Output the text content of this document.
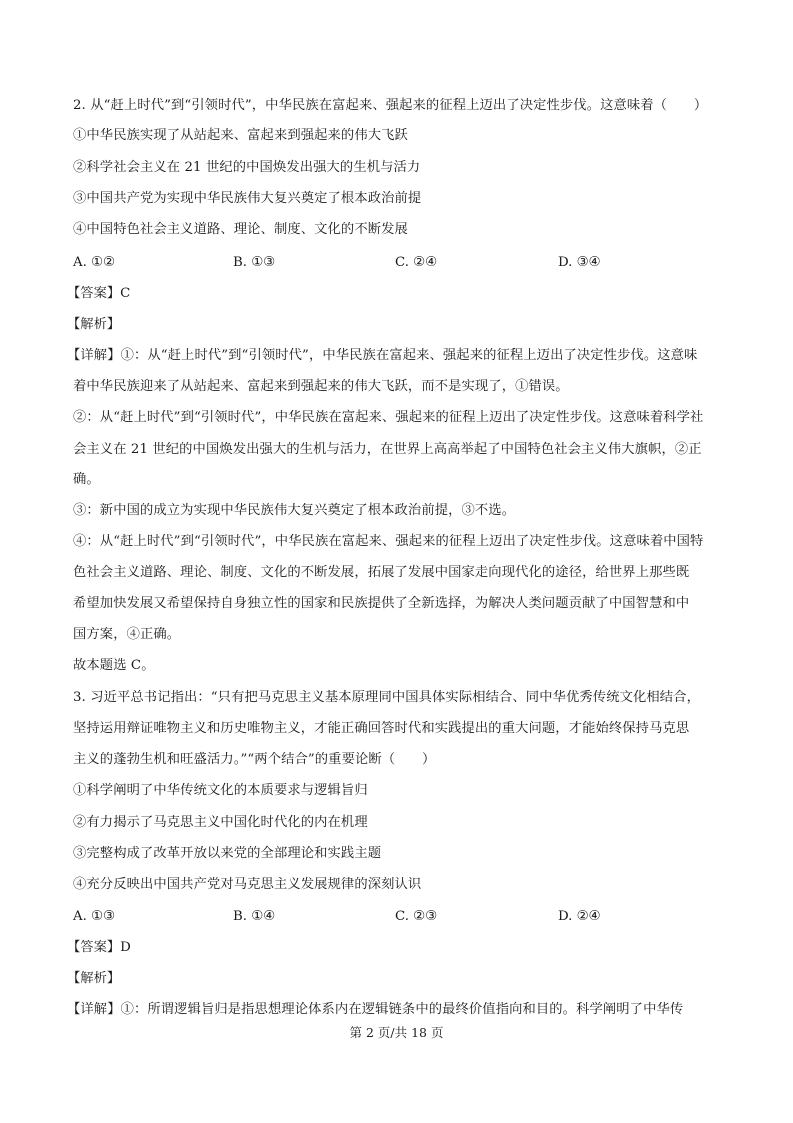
2. 从“赶上时代”到“引领时代”，中华民族在富起来、强起来的征程上迈出了决定性步伐。这意味着（　　）
①中华民族实现了从站起来、富起来到强起来的伟大飞跃
②科学社会主义在 21 世纪的中国焕发出强大的生机与活力
③中国共产党为实现中华民族伟大复兴奠定了根本政治前提
④中国特色社会主义道路、理论、制度、文化的不断发展
A. ①②	B. ①③	C. ②④	D. ③④
【答案】C
【解析】
【详解】①：从“赶上时代”到“引领时代”，中华民族在富起来、强起来的征程上迈出了决定性步伐。这意味
着中华民族迎来了从站起来、富起来到强起来的伟大飞跃，而不是实现了，①错误。
②：从“赶上时代”到“引领时代”，中华民族在富起来、强起来的征程上迈出了决定性步伐。这意味着科学社
会主义在 21 世纪的中国焕发出强大的生机与活力，在世界上高高举起了中国特色社会主义伟大旗帜，②正
确。
③：新中国的成立为实现中华民族伟大复兴奠定了根本政治前提，③不选。
④：从“赶上时代”到“引领时代”，中华民族在富起来、强起来的征程上迈出了决定性步伐。这意味着中国特
色社会主义道路、理论、制度、文化的不断发展，拓展了发展中国家走向现代化的途径，给世界上那些既
希望加快发展又希望保持自身独立性的国家和民族提供了全新选择，为解决人类问题贡献了中国智慧和中
国方案，④正确。
故本题选 C。
3. 习近平总书记指出：“只有把马克思主义基本原理同中国具体实际相结合、同中华优秀传统文化相结合，
坚持运用辩证唯物主义和历史唯物主义，才能正确回答时代和实践提出的重大问题，才能始终保持马克思
主义的蓬勃生机和旺盛活力。”“两个结合”的重要论断（　　）
①科学阐明了中华传统文化的本质要求与逻辑旨归
②有力揭示了马克思主义中国化时代化的内在机理
③完整构成了改革开放以来党的全部理论和实践主题
④充分反映出中国共产党对马克思主义发展规律的深刻认识
A. ①③	B. ①④	C. ②③	D. ②④
【答案】D
【解析】
【详解】①：所谓逻辑旨归是指思想理论体系内在逻辑链条中的最终价值指向和目的。科学阐明了中华传
第 2 页/共 18 页
